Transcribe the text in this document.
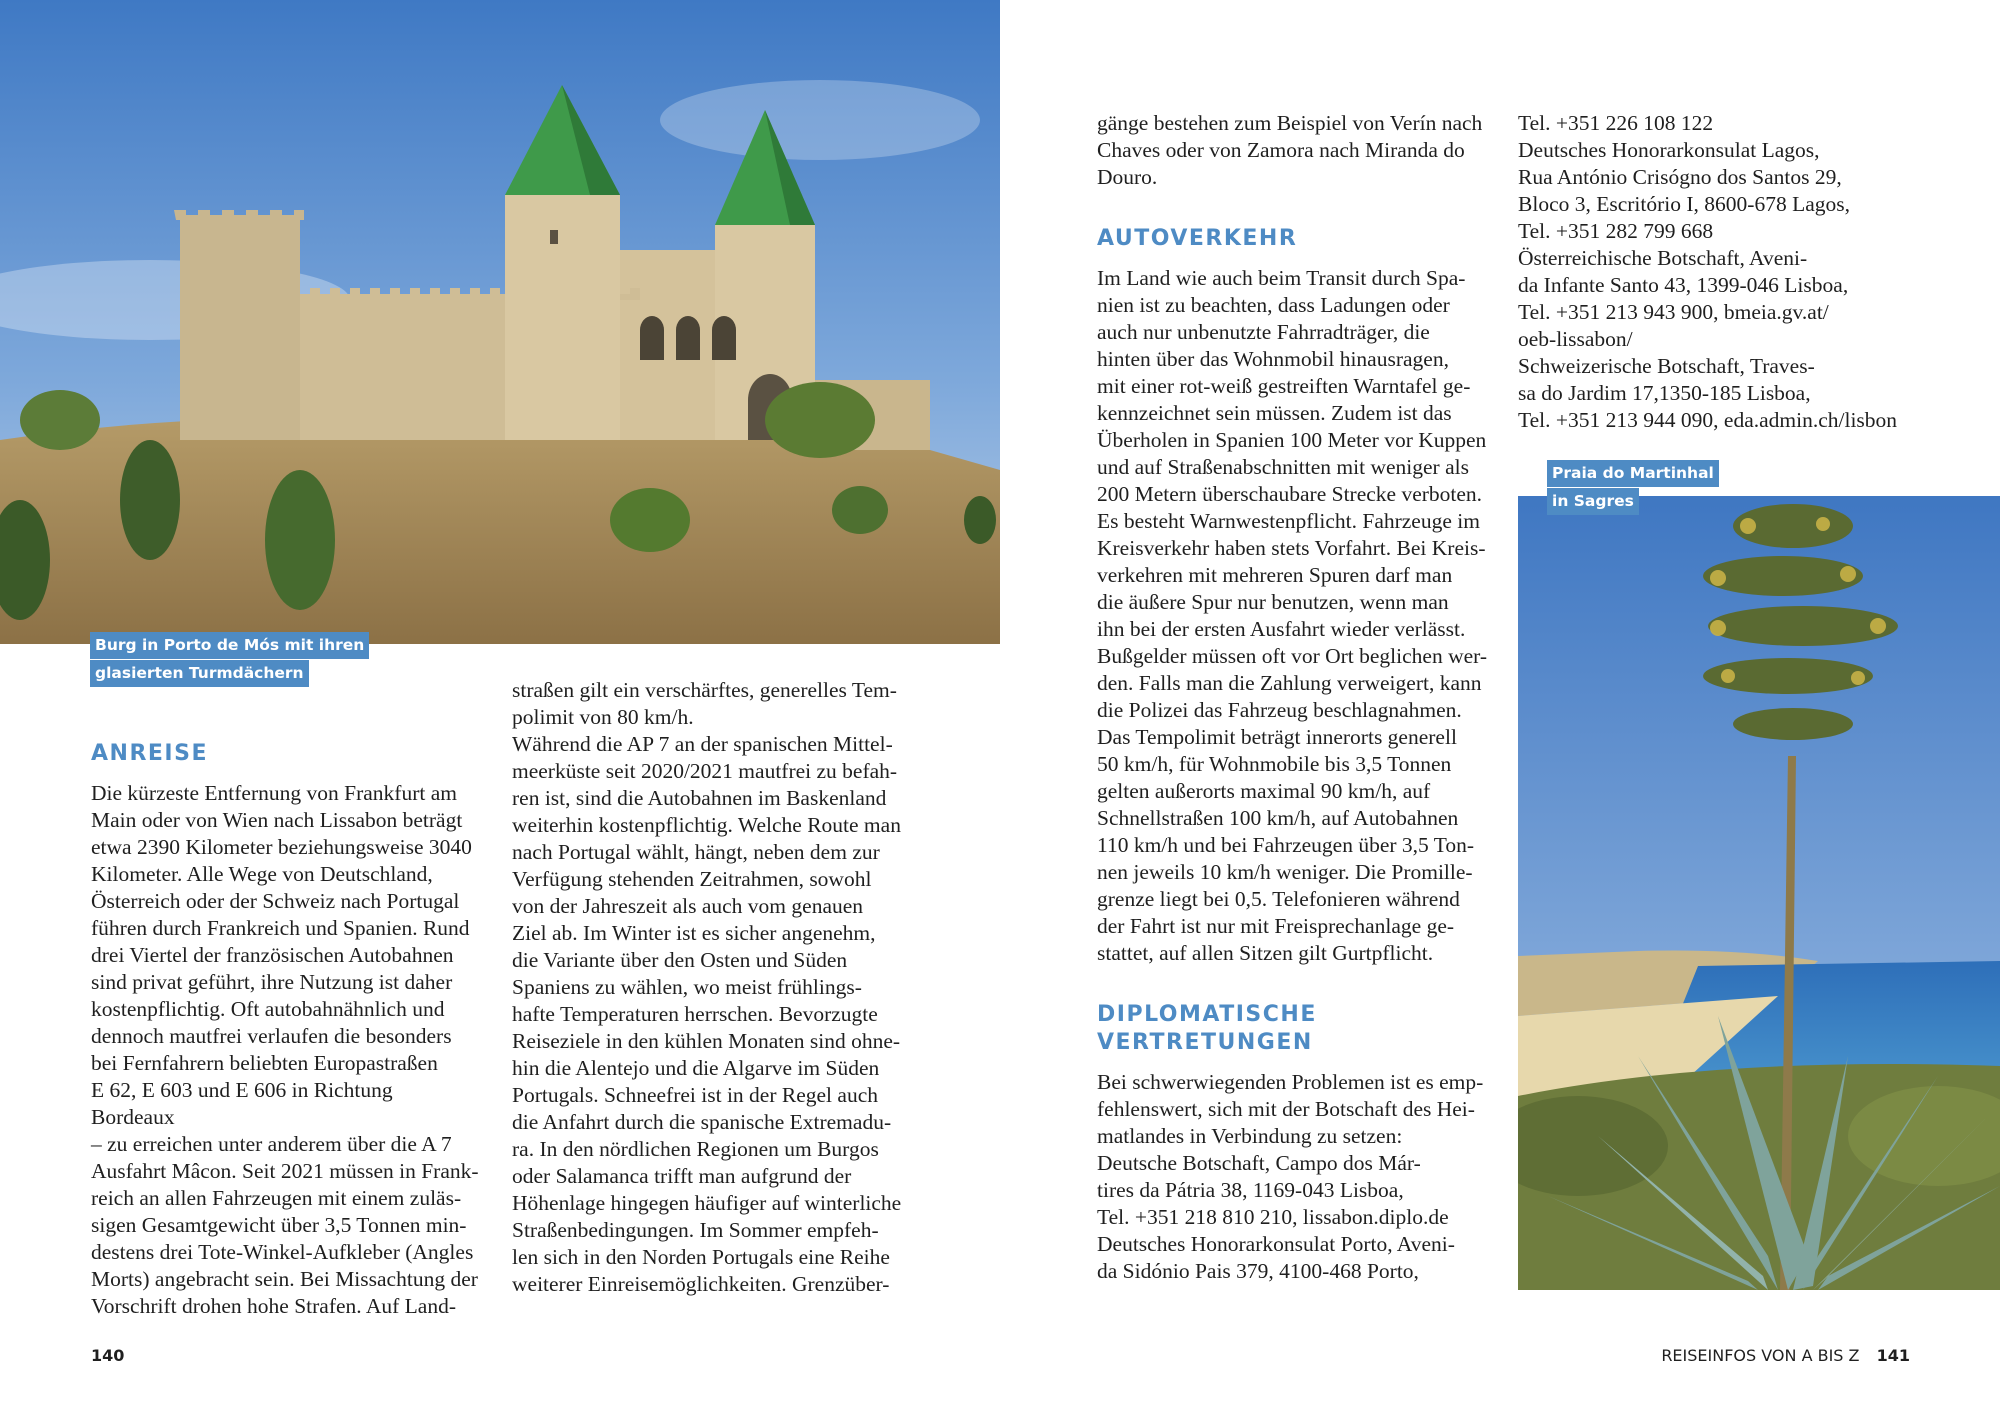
Burg in Porto de Mós mit ihren
glasierten Turmdächern
ANREISE

Die kürzeste Entfernung von Frankfurt am
Main oder von Wien nach Lissabon beträgt
etwa 2390 Kilometer beziehungsweise 3040
Kilometer. Alle Wege von Deutschland,
Österreich oder der Schweiz nach Portugal
führen durch Frankreich und Spanien. Rund
drei Viertel der französischen Autobahnen
sind privat geführt, ihre Nutzung ist daher
kostenpflichtig. Oft autobahnähnlich und
dennoch mautfrei verlaufen die besonders
bei Fernfahrern beliebten Europastraßen
E 62, E 603 und E 606 in Richtung Bordeaux
– zu erreichen unter anderem über die A 7
Ausfahrt Mâcon. Seit 2021 müssen in Frank-
reich an allen Fahrzeugen mit einem zuläs-
sigen Gesamtgewicht über 3,5 Tonnen min-
destens drei Tote-Winkel-Aufkleber (Angles
Morts) angebracht sein. Bei Missachtung der
Vorschrift drohen hohe Strafen. Auf Land-

straßen gilt ein verschärftes, generelles Tem-
polimit von 80 km/h.

Während die AP 7 an der spanischen Mittel-
meerküste seit 2020/2021 mautfrei zu befah-
ren ist, sind die Autobahnen im Baskenland
weiterhin kostenpflichtig. Welche Route man
nach Portugal wählt, hängt, neben dem zur
Verfügung stehenden Zeitrahmen, sowohl
von der Jahreszeit als auch vom genauen
Ziel ab. Im Winter ist es sicher angenehm,
die Variante über den Osten und Süden
Spaniens zu wählen, wo meist frühlings-
hafte Temperaturen herrschen. Bevorzugte
Reiseziele in den kühlen Monaten sind ohne-
hin die Alentejo und die Algarve im Süden
Portugals. Schneefrei ist in der Regel auch
die Anfahrt durch die spanische Extremadu-
ra. In den nördlichen Regionen um Burgos
oder Salamanca trifft man aufgrund der
Höhenlage hingegen häufiger auf winterliche
Straßenbedingungen. Im Sommer empfeh-
len sich in den Norden Portugals eine Reihe
weiterer Einreisemöglichkeiten. Grenzüber-

gänge bestehen zum Beispiel von Verín nach
Chaves oder von Zamora nach Miranda do
Douro.

AUTOVERKEHR

Im Land wie auch beim Transit durch Spa-
nien ist zu beachten, dass Ladungen oder
auch nur unbenutzte Fahrradträger, die
hinten über das Wohnmobil hinausragen,
mit einer rot-weiß gestreiften Warntafel ge-
kennzeichnet sein müssen. Zudem ist das
Überholen in Spanien 100 Meter vor Kuppen
und auf Straßenabschnitten mit weniger als
200 Metern überschaubare Strecke verboten.
Es besteht Warnwestenpflicht. Fahrzeuge im
Kreisverkehr haben stets Vorfahrt. Bei Kreis-
verkehren mit mehreren Spuren darf man
die äußere Spur nur benutzen, wenn man
ihn bei der ersten Ausfahrt wieder verlässt.
Bußgelder müssen oft vor Ort beglichen wer-
den. Falls man die Zahlung verweigert, kann
die Polizei das Fahrzeug beschlagnahmen.
Das Tempolimit beträgt innerorts generell
50 km/h, für Wohnmobile bis 3,5 Tonnen
gelten außerorts maximal 90 km/h, auf
Schnellstraßen 100 km/h, auf Autobahnen
110 km/h und bei Fahrzeugen über 3,5 Ton-
nen jeweils 10 km/h weniger. Die Promille-
grenze liegt bei 0,5. Telefonieren während
der Fahrt ist nur mit Freisprechanlage ge-
stattet, auf allen Sitzen gilt Gurtpflicht.

DIPLOMATISCHE
VERTRETUNGEN

Bei schwerwiegenden Problemen ist es emp-
fehlenswert, sich mit der Botschaft des Hei-
matlandes in Verbindung zu setzen:
Deutsche Botschaft, Campo dos Már-
tires da Pátria 38, 1169-043 Lisboa,
Tel. +351 218 810 210, lissabon.diplo.de
Deutsches Honorarkonsulat Porto, Aveni-
da Sidónio Pais 379, 4100-468 Porto,

Tel. +351 226 108 122
Deutsches Honorarkonsulat Lagos,
Rua António Crisógno dos Santos 29,
Bloco 3, Escritório I, 8600-678 Lagos,
Tel. +351 282 799 668
Österreichische Botschaft, Aveni-
da Infante Santo 43, 1399-046 Lisboa,
Tel. +351 213 943 900, bmeia.gv.at/
oeb-lissabon/
Schweizerische Botschaft, Traves-
sa do Jardim 17,1350-185 Lisboa,
Tel. +351 213 944 090, eda.admin.ch/lisbon

Praia do Martinhal
in Sagres
140	REISEINFOS VON A BIS Z 141
